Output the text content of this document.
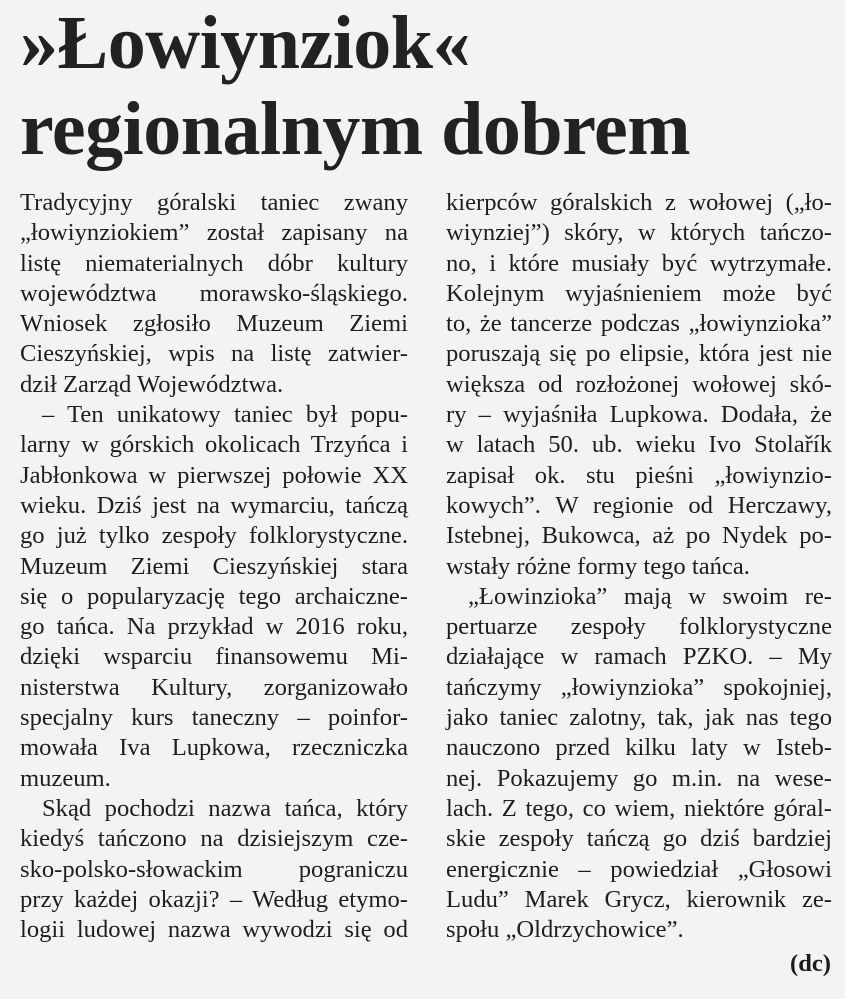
»Łowiynziok«
regionalnym dobrem

Tradycyjny góralski taniec zwany

„łowiynziokiem” został zapisany na

listę niematerialnych dóbr kultury

województwa morawsko-śląskiego.

Wniosek zgłosiło Muzeum Ziemi

Cieszyńskiej, wpis na listę zatwier-

dził Zarząd Województwa.

– Ten unikatowy taniec był popu-

larny w górskich okolicach Trzyńca i

Jabłonkowa w pierwszej połowie XX

wieku. Dziś jest na wymarciu, tańczą

go już tylko zespoły folklorystyczne.

Muzeum Ziemi Cieszyńskiej stara

się o popularyzację tego archaiczne-

go tańca. Na przykład w 2016 roku,

dzięki wsparciu finansowemu Mi-

nisterstwa Kultury, zorganizowało

specjalny kurs taneczny – poinfor-

mowała Iva Lupkowa, rzeczniczka

muzeum.

Skąd pochodzi nazwa tańca, który

kiedyś tańczono na dzisiejszym cze-

sko-polsko-słowackim pograniczu

przy każdej okazji? – Według etymo-

logii ludowej nazwa wywodzi się od

kierpców góralskich z wołowej („ło-

wiynziej”) skóry, w których tańczo-

no, i które musiały być wytrzymałe.

Kolejnym wyjaśnieniem może być

to, że tancerze podczas „łowiynzioka”

poruszają się po elipsie, która jest nie

większa od rozłożonej wołowej skó-

ry – wyjaśniła Lupkowa. Dodała, że

w latach 50. ub. wieku Ivo Stolařík

zapisał ok. stu pieśni „łowiynzio-

kowych”. W regionie od Herczawy,

Istebnej, Bukowca, aż po Nydek po-

wstały różne formy tego tańca.

„Łowinzioka” mają w swoim re-

pertuarze zespoły folklorystyczne

działające w ramach PZKO. – My

tańczymy „łowiynzioka” spokojniej,

jako taniec zalotny, tak, jak nas tego

nauczono przed kilku laty w Isteb-

nej. Pokazujemy go m.in. na wese-

lach. Z tego, co wiem, niektóre góral-

skie zespoły tańczą go dziś bardziej

energicznie – powiedział „Głosowi

Ludu” Marek Grycz, kierownik ze-

społu „Oldrzychowice”.

(dc)
